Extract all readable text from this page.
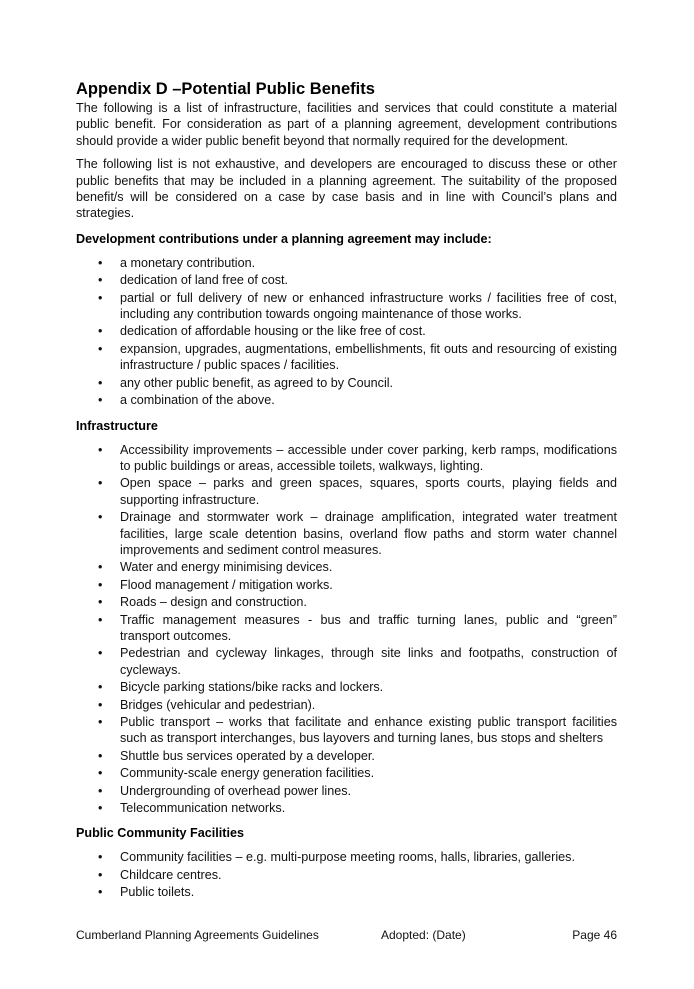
Appendix D –Potential Public Benefits

The following is a list of infrastructure, facilities and services that could constitute a material public benefit. For consideration as part of a planning agreement, development contributions should provide a wider public benefit beyond that normally required for the development.

The following list is not exhaustive, and developers are encouraged to discuss these or other public benefits that may be included in a planning agreement. The suitability of the proposed benefit/s will be considered on a case by case basis and in line with Council’s plans and strategies.

Development contributions under a planning agreement may include:
• a monetary contribution.
• dedication of land free of cost.
• partial or full delivery of new or enhanced infrastructure works / facilities free of cost, including any contribution towards ongoing maintenance of those works.
• dedication of affordable housing or the like free of cost.
• expansion, upgrades, augmentations, embellishments, fit outs and resourcing of existing infrastructure / public spaces / facilities.
• any other public benefit, as agreed to by Council.
• a combination of the above.
Infrastructure
• Accessibility improvements – accessible under cover parking, kerb ramps, modifications to public buildings or areas, accessible toilets, walkways, lighting.
• Open space – parks and green spaces, squares, sports courts, playing fields and supporting infrastructure.
• Drainage and stormwater work – drainage amplification, integrated water treatment facilities, large scale detention basins, overland flow paths and storm water channel improvements and sediment control measures.
• Water and energy minimising devices.
• Flood management / mitigation works.
• Roads – design and construction.
• Traffic management measures - bus and traffic turning lanes, public and “green” transport outcomes.
• Pedestrian and cycleway linkages, through site links and footpaths, construction of cycleways.
• Bicycle parking stations/bike racks and lockers.
• Bridges (vehicular and pedestrian).
• Public transport – works that facilitate and enhance existing public transport facilities such as transport interchanges, bus layovers and turning lanes, bus stops and shelters
• Shuttle bus services operated by a developer.
• Community-scale energy generation facilities.
• Undergrounding of overhead power lines.
• Telecommunication networks.
Public Community Facilities
• Community facilities – e.g. multi-purpose meeting rooms, halls, libraries, galleries.
• Childcare centres.
• Public toilets.
Cumberland Planning Agreements Guidelines	Adopted: (Date)	Page 46
